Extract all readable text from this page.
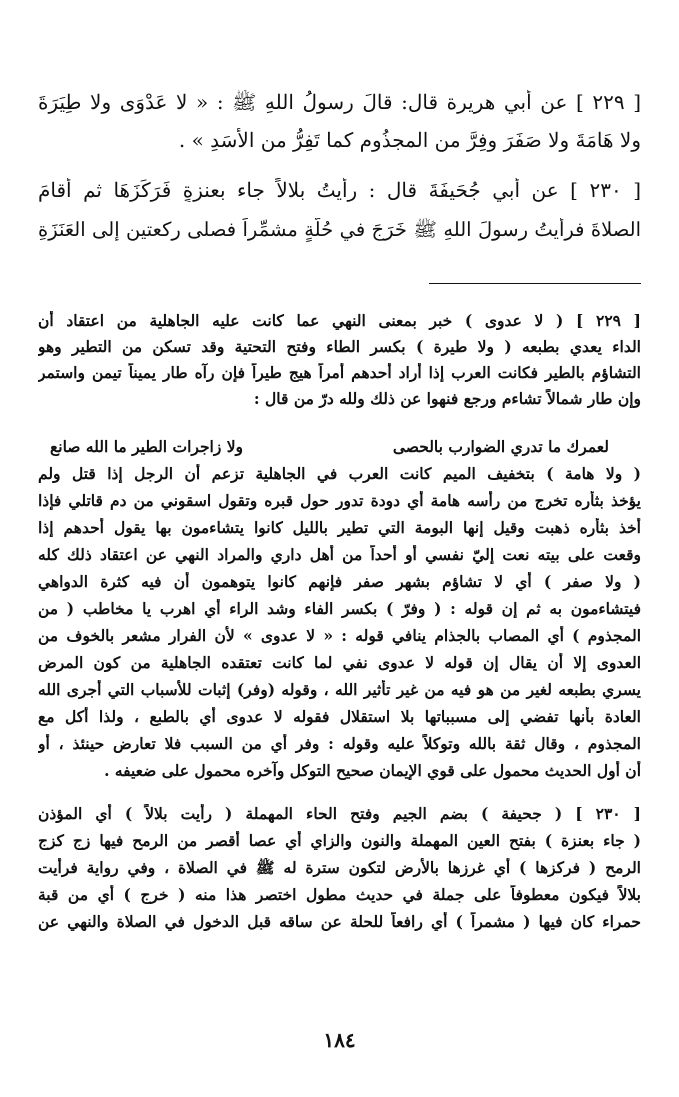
[ ٢٢٩ ] عن أبي هريرة قال: قالَ رسولُ اللهِ ﷺ : « لا عَدْوَى ولا طِيَرَةَ
ولا هَامَةَ ولا صَفَرَ وفِرَّ من المجذُومِ كما تَفِرُّ من الأَسَدِ » .
[ ٢٣٠ ] عن أبي جُحَيفَةَ قال : رأيتُ بلالاً جاء بعنزةٍ فَرَكَزَهَا ثم أقامَ
الصلاةَ فرأيتُ رسولَ اللهِ ﷺ خَرَجَ في حُلَّةٍ مشمِّراً فصلى ركعتين إلى العَنَزَةِ
[ ٢٢٩ ] ( لا عدوى ) خبر بمعنى النهي عما كانت عليه الجاهلية من اعتقاد أن
الداء يعدي بطبعه ( ولا طيرة ) بكسر الطاء وفتح التحتية وقد تسكن من التطير وهو
التشاؤم بالطير فكانت العرب إذا أراد أحدهم أمراً هيج طيراً فإن رآه طار يميناً تيمن واستمر
وإن طار شمالاً تشاءم ورجع فنهوا عن ذلك ولله درّ من قال :
لعمرك ما تدري الضوارب بالحصى
ولا زاجرات الطير ما الله صانع
( ولا هامة ) بتخفيف الميم كانت العرب في الجاهلية تزعم أن الرجل إذا قتل ولم
يؤخذ بثأره تخرج من رأسه هامة أي دودة تدور حول قبره وتقول اسقوني من دم قاتلي فإذا
أخذ بثأره ذهبت وقيل إنها البومة التي تطير بالليل كانوا يتشاءمون بها يقول أحدهم إذا
وقعت على بيته نعت إليّ نفسي أو أحداً من أهل داري والمراد النهي عن اعتقاد ذلك كله
( ولا صفر ) أي لا تشاؤم بشهر صفر فإنهم كانوا يتوهمون أن فيه كثرة الدواهي
فيتشاءمون به ثم إن قوله : ( وفرّ ) بكسر الفاء وشد الراء أي اهرب يا مخاطب ( من
المجذوم ) أي المصاب بالجذام ينافي قوله : « لا عدوى » لأن الفرار مشعر بالخوف من
العدوى إلا أن يقال إن قوله لا عدوى نفي لما كانت تعتقده الجاهلية من كون المرض
يسري بطبعه لغير من هو فيه من غير تأثير الله ، وقوله (وفر) إثبات للأسباب التي أجرى الله
العادة بأنها تفضي إلى مسبباتها بلا استقلال فقوله لا عدوى أي بالطبع ، ولذا أكل مع
المجذوم ، وقال ثقة بالله وتوكلاً عليه وقوله : وفر أي من السبب فلا تعارض حينئذ ، أو
أن أول الحديث محمول على قوي الإيمان صحيح التوكل وآخره محمول على ضعيفه .
[ ٢٣٠ ] ( جحيفة ) بضم الجيم وفتح الحاء المهملة ( رأيت بلالاً ) أي المؤذن
( جاء بعنزة ) بفتح العين المهملة والنون والزاي أي عصا أقصر من الرمح فيها زج كزج
الرمح ( فركزها ) أي غرزها بالأرض لتكون سترة له ﷺ في الصلاة ، وفي رواية فرأيت
بلالاً فيكون معطوفاً على جملة في حديث مطول اختصر هذا منه ( خرج ) أي من قبة
حمراء كان فيها ( مشمراً ) أي رافعاً للحلة عن ساقه قبل الدخول في الصلاة والنهي عن
١٨٤
